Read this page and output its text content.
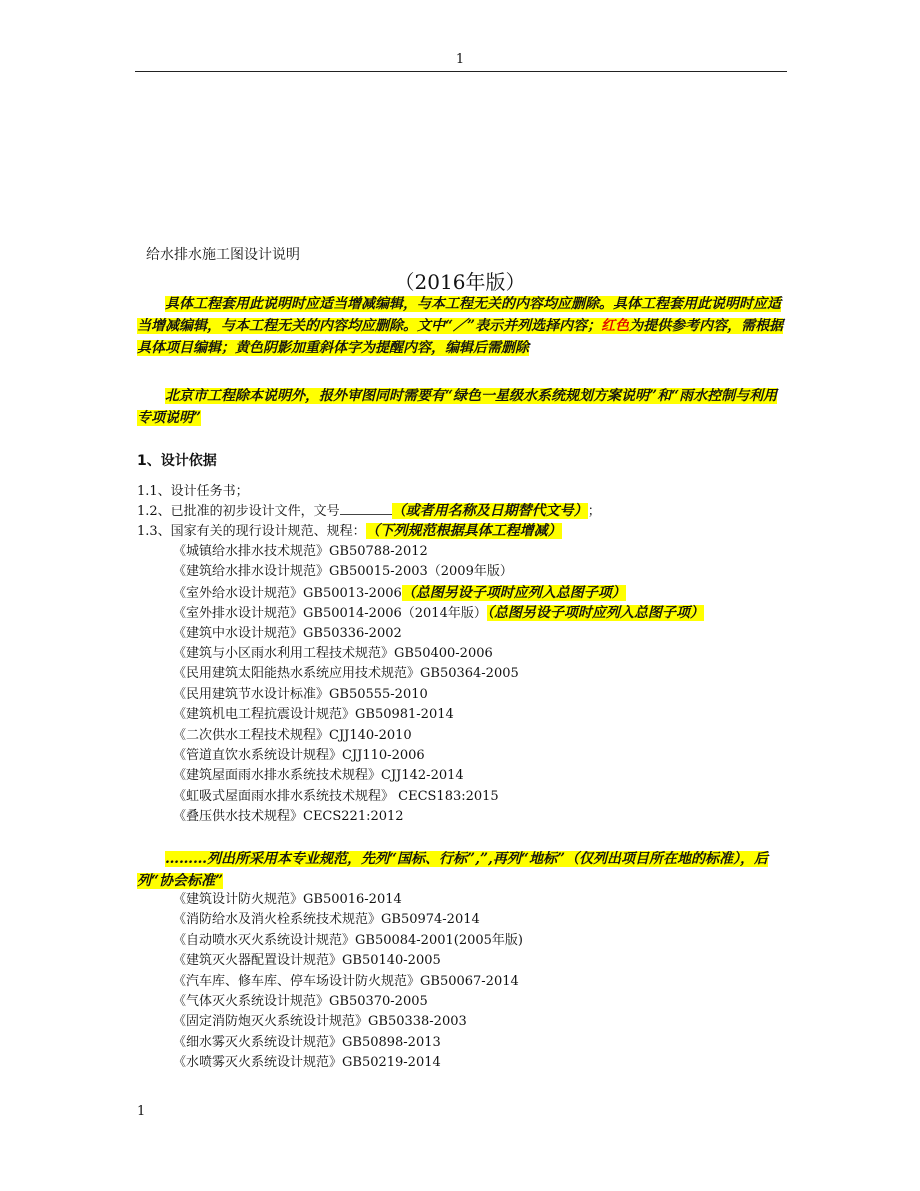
1
给水排水施工图设计说明
（2016年版）
具体工程套用此说明时应适当增减编辑，与本工程无关的内容均应删除。具体工程套用此说明时应适当增减编辑，与本工程无关的内容均应删除。文中“／”表示并列选择内容；红色为提供参考内容，需根据具体项目编辑；黄色阴影加重斜体字为提醒内容，编辑后需删除
北京市工程除本说明外，报外审图同时需要有“绿色一星级水系统规划方案说明”和“雨水控制与利用专项说明”
1、设计依据
1.1、设计任务书；
1.2、已批准的初步设计文件，文号	（或者用名称及日期替代文号）；
1.3、国家有关的现行设计规范、规程：（下列规范根据具体工程增减）
《城镇给水排水技术规范》GB50788-2012
《建筑给水排水设计规范》GB50015-2003（2009年版）
《室外给水设计规范》GB50013-2006（总图另设子项时应列入总图子项）
《室外排水设计规范》GB50014-2006（2014年版）（总图另设子项时应列入总图子项）
《建筑中水设计规范》GB50336-2002
《建筑与小区雨水利用工程技术规范》GB50400-2006
《民用建筑太阳能热水系统应用技术规范》GB50364-2005
《民用建筑节水设计标准》GB50555-2010
《建筑机电工程抗震设计规范》GB50981-2014
《二次供水工程技术规程》CJJ140-2010
《管道直饮水系统设计规程》CJJ110-2006
《建筑屋面雨水排水系统技术规程》CJJ142-2014
《虹吸式屋面雨水排水系统技术规程》 CECS183:2015
《叠压供水技术规程》CECS221:2012
………列出所采用本专业规范，先列“国标、行标”,”,再列“地标”（仅列出项目所在地的标准），后列“协会标准”
《建筑设计防火规范》GB50016-2014
《消防给水及消火栓系统技术规范》GB50974-2014
《自动喷水灭火系统设计规范》GB50084-2001(2005年版)
《建筑灭火器配置设计规范》GB50140-2005
《汽车库、修车库、停车场设计防火规范》GB50067-2014
《气体灭火系统设计规范》GB50370-2005
《固定消防炮灭火系统设计规范》GB50338-2003
《细水雾灭火系统设计规范》GB50898-2013
《水喷雾灭火系统设计规范》GB50219-2014
1
